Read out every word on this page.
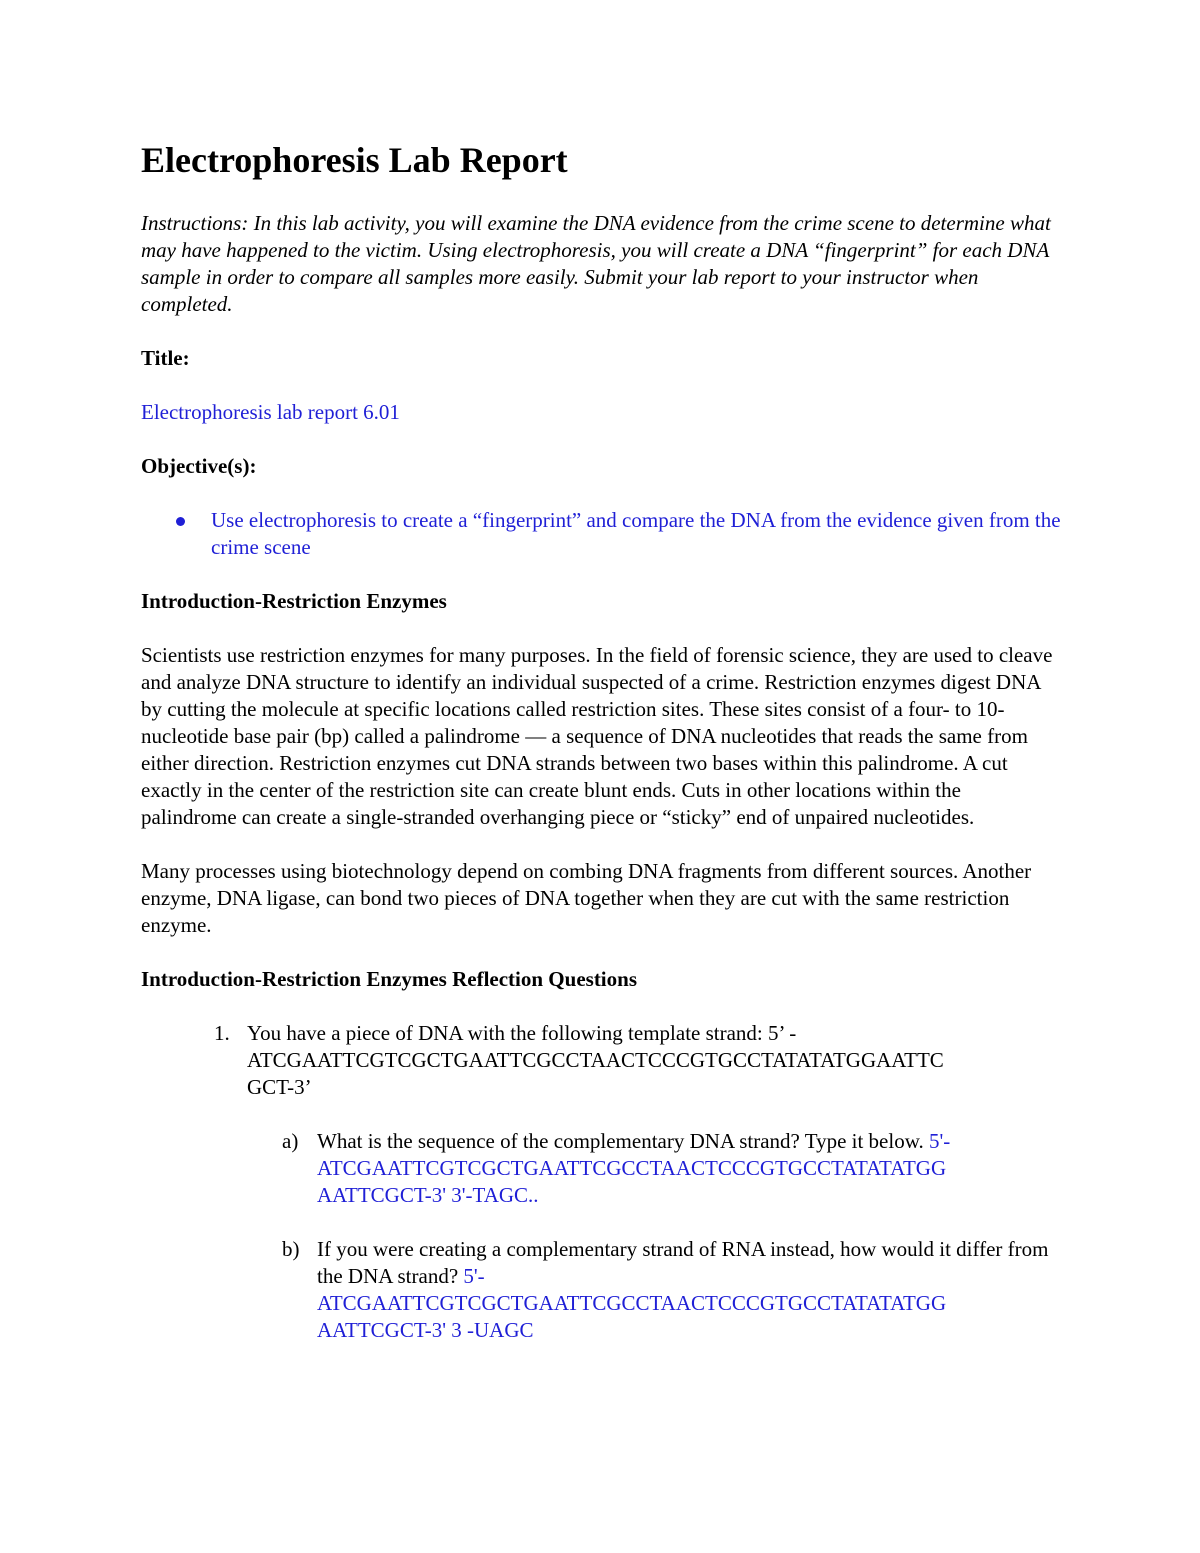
Electrophoresis Lab Report

Instructions: In this lab activity, you will examine the DNA evidence from the crime scene to determine what may have happened to the victim. Using electrophoresis, you will create a DNA “fingerprint” for each DNA sample in order to compare all samples more easily. Submit your lab report to your instructor when completed.

Title:

Electrophoresis lab report 6.01

Objective(s):

Use electrophoresis to create a “fingerprint” and compare the DNA from the evidence given from the crime scene

Introduction-Restriction Enzymes

Scientists use restriction enzymes for many purposes. In the field of forensic science, they are used to cleave and analyze DNA structure to identify an individual suspected of a crime. Restriction enzymes digest DNA by cutting the molecule at specific locations called restriction sites. These sites consist of a four- to 10-nucleotide base pair (bp) called a palindrome — a sequence of DNA nucleotides that reads the same from either direction. Restriction enzymes cut DNA strands between two bases within this palindrome. A cut exactly in the center of the restriction site can create blunt ends. Cuts in other locations within the palindrome can create a single-stranded overhanging piece or “sticky” end of unpaired nucleotides.

Many processes using biotechnology depend on combing DNA fragments from different sources. Another enzyme, DNA ligase, can bond two pieces of DNA together when they are cut with the same restriction enzyme.

Introduction-Restriction Enzymes Reflection Questions

1. You have a piece of DNA with the following template strand: 5’ -
ATCGAATTCGTCGCTGAATTCGCCTAACTCCCGTGCCTATATATGGAATTC
GCT-3’
a) What is the sequence of the complementary DNA strand? Type it below. 5'-
ATCGAATTCGTCGCTGAATTCGCCTAACTCCCGTGCCTATATATGG
AATTCGCT-3' 3'-TAGC..
b) If you were creating a complementary strand of RNA instead, how would it differ from the DNA strand? 5'-
ATCGAATTCGTCGCTGAATTCGCCTAACTCCCGTGCCTATATATGG
AATTCGCT-3' 3 -UAGC
